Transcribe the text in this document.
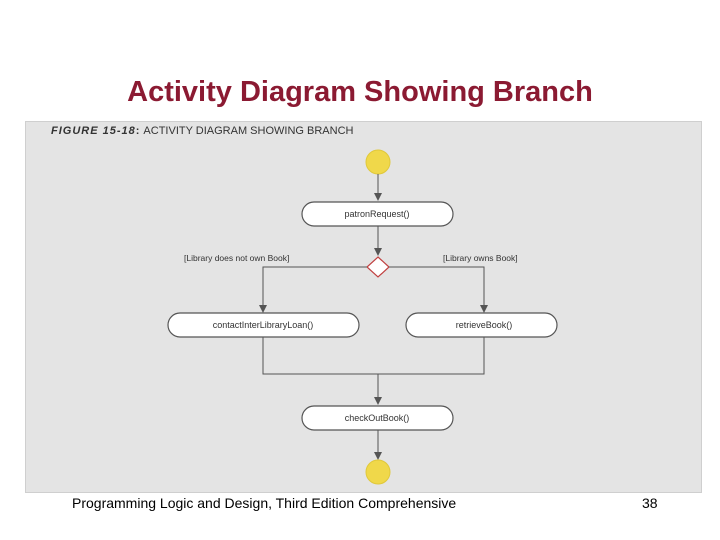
Activity Diagram Showing Branch
FIGURE 15-18: ACTIVITY DIAGRAM SHOWING BRANCH
patronRequest()
[Library does not own Book]	[Library owns Book]
contactInterLibraryLoan()	retrieveBook()
checkOutBook()
Programming Logic and Design, Third Edition Comprehensive	38
